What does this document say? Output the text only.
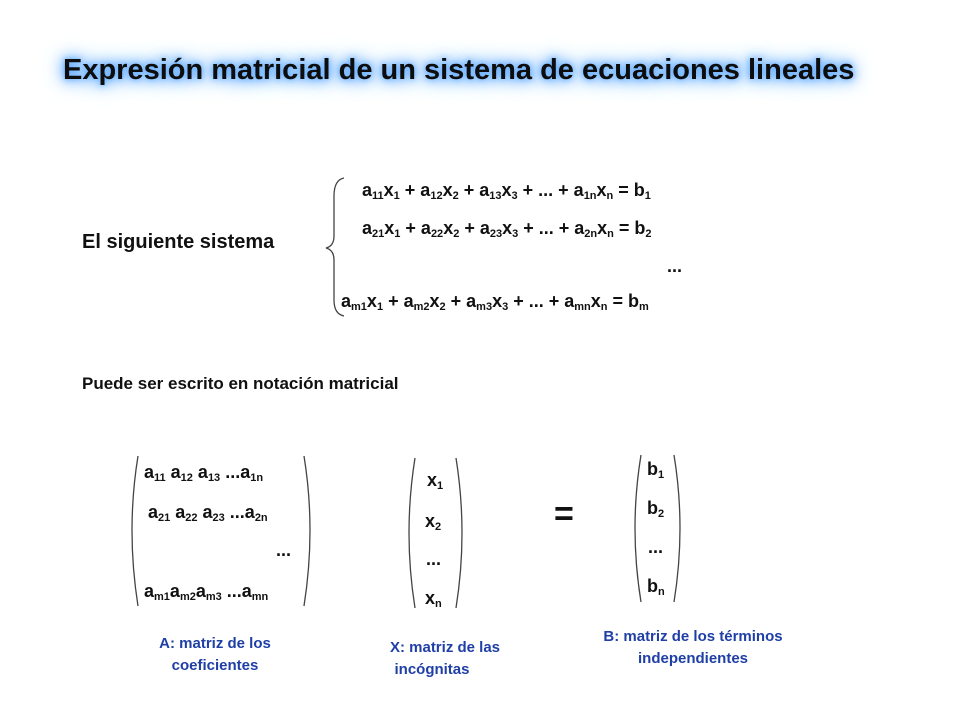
Expresión matricial de un sistema de ecuaciones lineales
El siguiente sistema
$a_{11}x_1 + a_{12}x_2 + a_{13}x_3$ + ... + $a_{1n}x_n = b_1$
$a_{21}x_1 + a_{22}x_2 + a_{23}x_3$ + ... + $a_{2n}x_n = b_2$
...
$a_{m1}x_1 + a_{m2}x_2 + a_{m3}x_3$ + ... + $a_{mn}x_n = b_m$
Puede ser escrito en notación matricial
$a_{11}$ $a_{12}$ $a_{13}$ $...a_{1n}$
$a_{21}$ $a_{22}$ $a_{23}$ $...a_{2n}$
...
$a_{m1}a_{m2}a_{m3}$ $...a_{mn}$
$x_1$
$x_2$
...
$x_n$
=
$b_1$
$b_2$
...
$b_n$
A: matriz de los
coeficientes
X: matriz de las
incógnitas
B: matriz de los términos
independientes
